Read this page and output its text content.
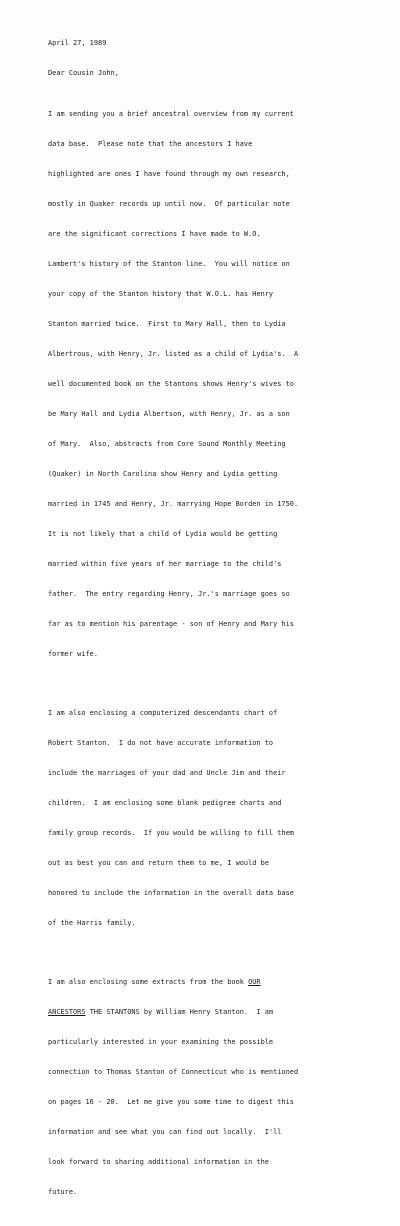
April 27, 1989
Dear Cousin John,

I am sending you a brief ancestral overview from my current

data base.  Please note that the ancestors I have

highlighted are ones I have found through my own research,

mostly in Quaker records up until now.  Of particular note

are the significant corrections I have made to W.O.

Lambert's history of the Stanton line.  You will notice on

your copy of the Stanton history that W.O.L. has Henry

Stanton married twice.  First to Mary Hall, then to Lydia

Albertrous, with Henry, Jr. listed as a child of Lydia's.  A

well documented book on the Stantons shows Henry's wives to

be Mary Hall and Lydia Albertson, with Henry, Jr. as a son

of Mary.  Also, abstracts from Core Sound Monthly Meeting

(Quaker) in North Carolina show Henry and Lydia getting

married in 1745 and Henry, Jr. marrying Hope Borden in 1750.

It is not likely that a child of Lydia would be getting

married within five years of her marriage to the child's

father.  The entry regarding Henry, Jr.'s marriage goes so

far as to mention his parentage - son of Henry and Mary his

former wife.

I am also enclosing a computerized descendants chart of

Robert Stanton.  I do not have accurate information to

include the marriages of your dad and Uncle Jim and their

children.  I am enclosing some blank pedigree charts and

family group records.  If you would be willing to fill them

out as best you can and return them to me, I would be

honored to include the information in the overall data base

of the Harris family.

I am also enclosing some extracts from the book OUR

ANCESTORS THE STANTONS by William Henry Stanton.  I am

particularly interested in your examining the possible

connection to Thomas Stanton of Connecticut who is mentioned

on pages 16 - 20.  Let me give you some time to digest this

information and see what you can find out locally.  I'll

look forward to sharing additional information in the

future.
